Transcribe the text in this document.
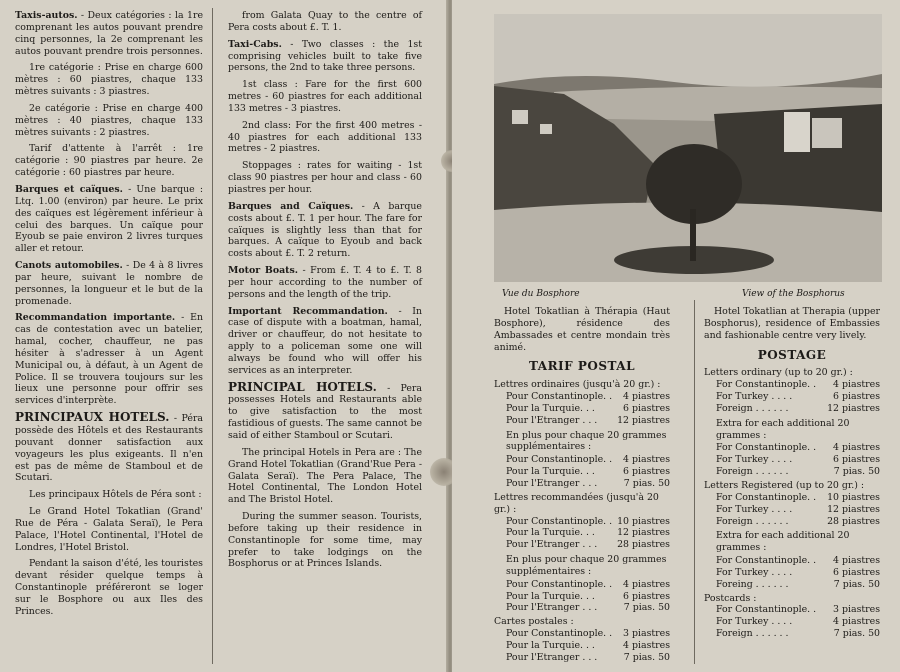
Taxis-autos. - Deux catégories : la 1re comprenant les autos pouvant prendre cinq personnes, la 2e comprenant les autos pouvant prendre trois personnes.

1re catégorie : Prise en charge 600 mètres : 60 piastres, chaque 133 mètres suivants : 3 piastres.

2e catégorie : Prise en charge 400 mètres : 40 piastres, chaque 133 mètres suivants : 2 piastres.

Tarif d'attente à l'arrêt : 1re catégorie : 90 piastres par heure. 2e catégorie : 60 piastres par heure.

Barques et caïques. - Une barque : Ltq. 1.00 (environ) par heure. Le prix des caïques est légèrement inférieur à celui des barques. Un caïque pour Eyoub se paie environ 2 livres turques aller et retour.

Canots automobiles. - De 4 à 8 livres par heure, suivant le nombre de personnes, la longueur et le but de la promenade.

Recommandation importante. - En cas de contestation avec un batelier, hamal, cocher, chauffeur, ne pas hésiter à s'adresser à un Agent Municipal ou, à défaut, à un Agent de Police. Il se trouvera toujours sur les lieux une personne pour offrir ses services d'interprète.

PRINCIPAUX HOTELS. - Péra possède des Hôtels et des Restaurants pouvant donner satisfaction aux voyageurs les plus exigeants. Il n'en est pas de même de Stamboul et de Scutari.

Les principaux Hôtels de Péra sont :

Le Grand Hotel Tokatlian (Grand' Rue de Péra - Galata Seraï), le Pera Palace, l'Hotel Continental, l'Hotel de Londres, l'Hotel Bristol.

Pendant la saison d'été, les touristes devant résider quelque temps à Constantinople préféreront se loger sur le Bosphore ou aux Iles des Princes.

from Galata Quay to the centre of Pera costs about £. T. 1.

Taxi-Cabs. - Two classes : the 1st comprising vehicles built to take five persons, the 2nd to take three persons.

1st class : Fare for the first 600 metres - 60 piastres for each additional 133 metres - 3 piastres.

2nd class: For the first 400 metres - 40 piastres for each additional 133 metres - 2 piastres.

Stoppages : rates for waiting - 1st class 90 piastres per hour and class - 60 piastres per hour.

Barques and Caïques. - A barque costs about £. T. 1 per hour. The fare for caïques is slightly less than that for barques. A caïque to Eyoub and back costs about £. T. 2 return.

Motor Boats. - From £. T. 4 to £. T. 8 per hour according to the number of persons and the length of the trip.

Important Recommandation. - In case of dispute with a boatman, hamal, driver or chauffeur, do not hesitate to apply to a policeman some one will always be found who will offer his services as an interpreter.

PRINCIPAL HOTELS. - Pera possesses Hotels and Restaurants able to give satisfaction to the most fastidious of guests. The same cannot be said of either Stamboul or Scutari.

The principal Hotels in Pera are : The Grand Hotel Tokatlian (Grand'Rue Pera - Galata Seraï). The Pera Palace, The Hotel Continental, The London Hotel and The Bristol Hotel.

During the summer season. Tourists, before taking up their residence in Constantinople for some time, may prefer to take lodgings on the Bosphorus or at Princes Islands.

Vue du Bosphore	View of the Bosphorus

Hotel Tokatlian à Thérapia (Haut Bosphore), résidence des Ambassades et centre mondain très animé.

TARIF POSTAL
Lettres ordinaires (jusqu'à 20 gr.) :
Pour Constantinople. .	4 piastres
Pour la Turquie. . .	6 piastres
Pour l'Etranger . . .	12 piastres
En plus pour chaque 20 grammes supplémentaires :
Pour Constantinople. .	4 piastres
Pour la Turquie. . .	6 piastres
Pour l'Etranger . . .	7 pias. 50
Lettres recommandées (jusqu'à 20 gr.) :
Pour Constantinople. . 10 piastres
Pour la Turquie. . .	12 piastres
Pour l'Etranger . . .	28 piastres
En plus pour chaque 20 grammes supplémentaires :
Pour Constantinople. .	4 piastres
Pour la Turquie. . .	6 piastres
Pour l'Etranger . . .	7 pias. 50
Cartes postales :
Pour Constantinople. .	3 piastres
Pour la Turquie. . .	4 piastres
Pour l'Etranger . . .	7 pias. 50

Hotel Tokatlian at Therapia (upper Bosphorus), residence of Embassies and fashionable centre very lively.

POSTAGE
Letters ordinary (up to 20 gr.) :
For Constantinople. .	4 piastres
For Turkey . . . .	6 piastres
Foreign . . . . . .	12 piastres
Extra for each additional 20 grammes :
For Constantinople. .	4 piastres
For Turkey . . . .	6 piastres
Foreign . . . . . .	7 pias. 50
Letters Registered (up to 20 gr.) :
For Constantinople. .	10 piastres
For Turkey . . . .	12 piastres
Foreign . . . . . .	28 piastres
Extra for each additional 20 grammes :
For Constantinople. .	4 piastres
For Turkey . . . .	6 piastres
Foreing . . . . . .	7 pias. 50
Postcards :
For Constantinople. .	3 piastres
For Turkey . . . .	4 piastres
Foreign . . . . . .	7 pias. 50
